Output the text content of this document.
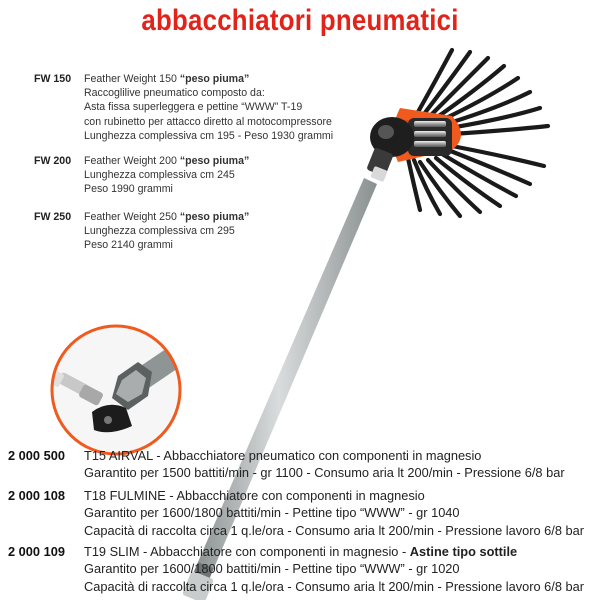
abbacchiatori pneumatici
FW 150	Feather Weight 150 “peso piuma”
Raccoglilive pneumatico composto da:
Asta fissa superleggera e pettine “WWW” T-19
con rubinetto per attacco diretto al motocompressore
Lunghezza complessiva cm 195 - Peso 1930 grammi
FW 200	Feather Weight 200 “peso piuma”
Lunghezza complessiva cm 245
Peso 1990 grammi
FW 250	Feather Weight 250 “peso piuma”
Lunghezza complessiva cm 295
Peso 2140 grammi
2 000 500 T15 AIRVAL - Abbacchiatore pneumatico con componenti in magnesio
Garantito per 1500 battiti/min - gr 1100 - Consumo aria lt 200/min - Pressione 6/8 bar
2 000 108 T18 FULMINE - Abbacchiatore con componenti in magnesio
Garantito per 1600/1800 battiti/min - Pettine tipo “WWW” - gr 1040
Capacità di raccolta circa 1 q.le/ora - Consumo aria lt 200/min - Pressione lavoro 6/8 bar
2 000 109 T19 SLIM - Abbacchiatore con componenti in magnesio - Astine tipo sottile
Garantito per 1600/1800 battiti/min - Pettine tipo “WWW” - gr 1020
Capacità di raccolta circa 1 q.le/ora - Consumo aria lt 200/min - Pressione lavoro 6/8 bar
